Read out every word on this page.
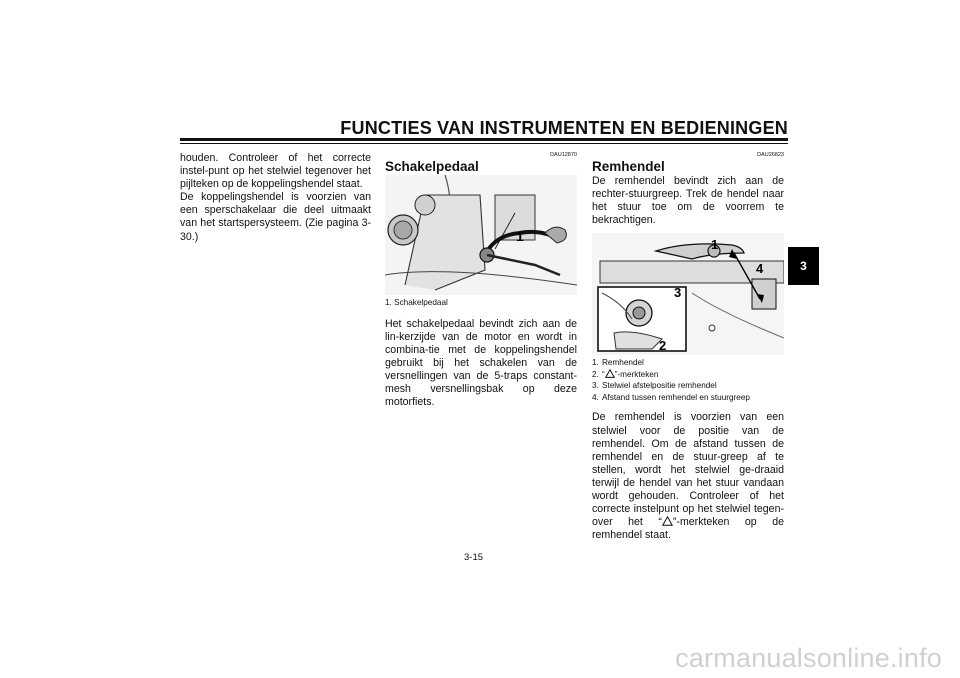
FUNCTIES VAN INSTRUMENTEN EN BEDIENINGEN
3

houden. Controleer of het correcte instel-punt op het stelwiel tegenover het pijlteken op de koppelingshendel staat.

De koppelingshendel is voorzien van een sperschakelaar die deel uitmaakt van het startspersysteem. (Zie pagina 3-30.)

DAU12870

Schakelpedaal
1
1. Schakelpedaal

Het schakelpedaal bevindt zich aan de lin-kerzijde van de motor en wordt in combina-tie met de koppelingshendel gebruikt bij het schakelen van de versnellingen van de 5-traps constant-mesh versnellingsbak op deze motorfiets.

DAU26823

Remhendel

De remhendel bevindt zich aan de rechter-stuurgreep. Trek de hendel naar het stuur toe om de voorrem te bekrachtigen.

1
2
3
4
1. Remhendel
2. “ ”-merkteken
3. Stelwiel afstelpositie remhendel
4. Afstand tussen remhendel en stuurgreep

De remhendel is voorzien van een stelwiel voor de positie van de remhendel. Om de afstand tussen de remhendel en de stuur-greep af te stellen, wordt het stelwiel ge-draaid terwijl de hendel van het stuur vandaan wordt gehouden. Controleer of het correcte instelpunt op het stelwiel tegen-over het “ ”-merkteken op de remhendel staat.

3-15
carmanualsonline.info
